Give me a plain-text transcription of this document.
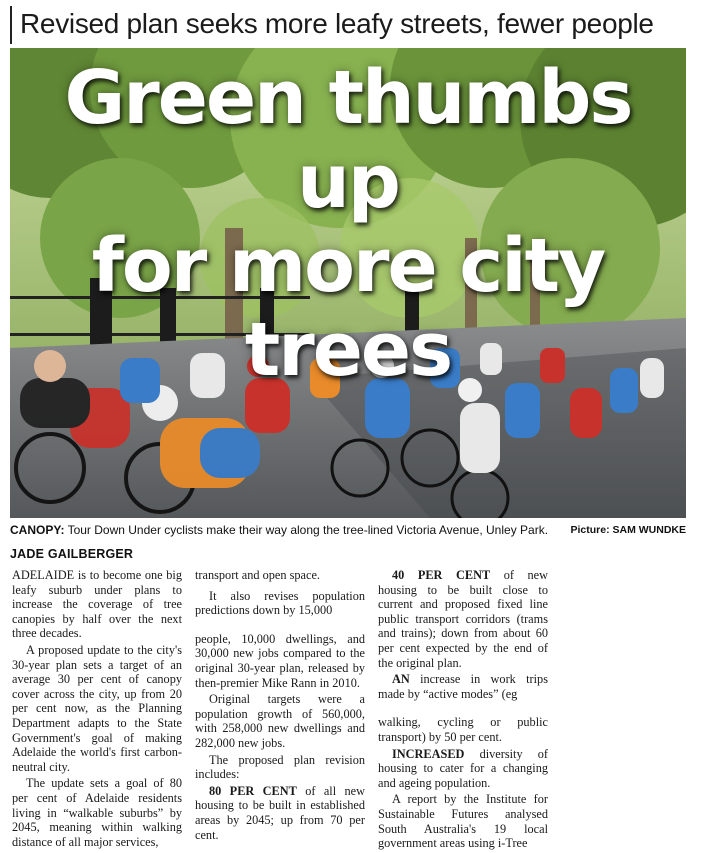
Revised plan seeks more leafy streets, fewer people
Green thumbs up
for more city trees
CANOPY: Tour Down Under cyclists make their way along the tree-lined Victoria Avenue, Unley Park. Picture: SAM WUNDKE
JADE GAILBERGER

ADELAIDE is to become one big leafy suburb under plans to increase the coverage of tree canopies by half over the next three decades.

A proposed update to the city's 30-year plan sets a target of an average 30 per cent of canopy cover across the city, up from 20 per cent now, as the Planning Department adapts to the State Government's goal of making Adelaide the world's first carbon-neutral city.

The update sets a goal of 80 per cent of Adelaide residents living in “walkable suburbs” by 2045, meaning within walking distance of all major services,

transport and open space.

It also revises population predictions down by 15,000

people, 10,000 dwellings, and 30,000 new jobs compared to the original 30-year plan, released by then-premier Mike Rann in 2010.

Original targets were a population growth of 560,000, with 258,000 new dwellings and 282,000 new jobs.

The proposed plan revision includes:

80 PER CENT of all new housing to be built in established areas by 2045; up from 70 per cent.

40 PER CENT of new housing to be built close to current and proposed fixed line public transport corridors (trams and trains); down from about 60 per cent expected by the end of the original plan.

AN increase in work trips made by “active modes” (eg

walking, cycling or public transport) by 50 per cent.

INCREASED diversity of housing to cater for a changing and ageing population.

A report by the Institute for Sustainable Futures analysed South Australia's 19 local government areas using i-Tree
